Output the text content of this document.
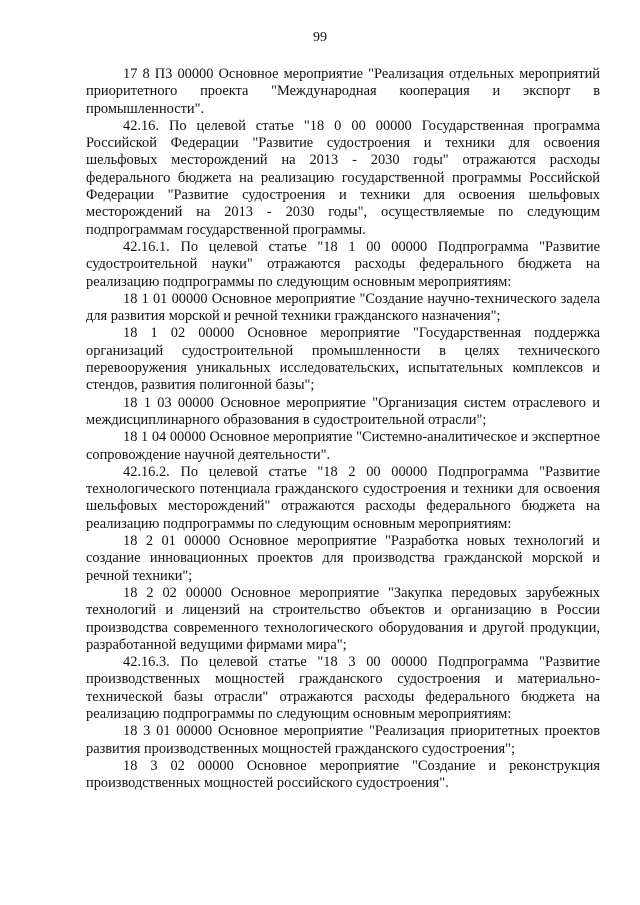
99

17 8 П3 00000 Основное мероприятие "Реализация отдельных мероприятий приоритетного проекта "Международная кооперация и экспорт в промышленности".

42.16. По целевой статье "18 0 00 00000 Государственная программа Российской Федерации "Развитие судостроения и техники для освоения шельфовых месторождений на 2013 - 2030 годы" отражаются расходы федерального бюджета на реализацию государственной программы Российской Федерации "Развитие судостроения и техники для освоения шельфовых месторождений на 2013 - 2030 годы", осуществляемые по следующим подпрограммам государственной программы.

42.16.1. По целевой статье "18 1 00 00000 Подпрограмма "Развитие судостроительной науки" отражаются расходы федерального бюджета на реализацию подпрограммы по следующим основным мероприятиям:

18 1 01 00000 Основное мероприятие "Создание научно-технического задела для развития морской и речной техники гражданского назначения";

18 1 02 00000 Основное мероприятие "Государственная поддержка организаций судостроительной промышленности в целях технического перевооружения уникальных исследовательских, испытательных комплексов и стендов, развития полигонной базы";

18 1 03 00000 Основное мероприятие "Организация систем отраслевого и междисциплинарного образования в судостроительной отрасли";

18 1 04 00000 Основное мероприятие "Системно-аналитическое и экспертное сопровождение научной деятельности".

42.16.2. По целевой статье "18 2 00 00000 Подпрограмма "Развитие технологического потенциала гражданского судостроения и техники для освоения шельфовых месторождений" отражаются расходы федерального бюджета на реализацию подпрограммы по следующим основным мероприятиям:

18 2 01 00000 Основное мероприятие "Разработка новых технологий и создание инновационных проектов для производства гражданской морской и речной техники";

18 2 02 00000 Основное мероприятие "Закупка передовых зарубежных технологий и лицензий на строительство объектов и организацию в России производства современного технологического оборудования и другой продукции, разработанной ведущими фирмами мира";

42.16.3. По целевой статье "18 3 00 00000 Подпрограмма "Развитие производственных мощностей гражданского судостроения и материально-технической базы отрасли" отражаются расходы федерального бюджета на реализацию подпрограммы по следующим основным мероприятиям:

18 3 01 00000 Основное мероприятие "Реализация приоритетных проектов развития производственных мощностей гражданского судостроения";

18 3 02 00000 Основное мероприятие "Создание и реконструкция производственных мощностей российского судостроения".
